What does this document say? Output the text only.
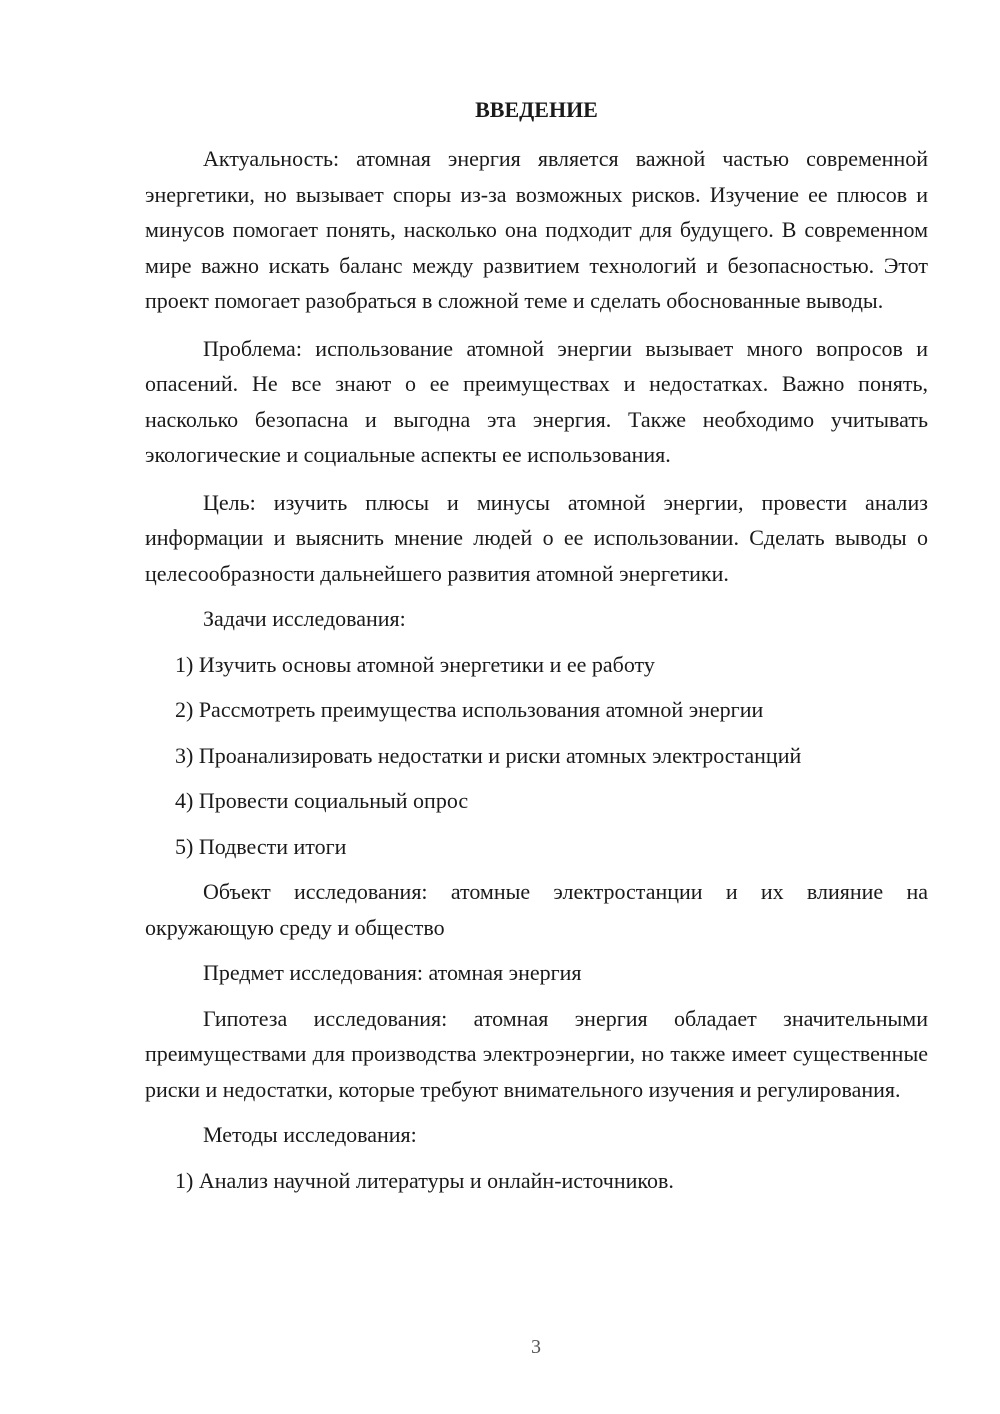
ВВЕДЕНИЕ

Актуальность: атомная энергия является важной частью современной энергетики, но вызывает споры из-за возможных рисков. Изучение ее плюсов и минусов помогает понять, насколько она подходит для будущего. В современном мире важно искать баланс между развитием технологий и безопасностью. Этот проект помогает разобраться в сложной теме и сделать обоснованные выводы.

Проблема: использование атомной энергии вызывает много вопросов и опасений. Не все знают о ее преимуществах и недостатках. Важно понять, насколько безопасна и выгодна эта энергия. Также необходимо учитывать экологические и социальные аспекты ее использования.

Цель: изучить плюсы и минусы атомной энергии, провести анализ информации и выяснить мнение людей о ее использовании. Сделать выводы о целесообразности дальнейшего развития атомной энергетики.

Задачи исследования:

1) Изучить основы атомной энергетики и ее работу

2) Рассмотреть преимущества использования атомной энергии

3) Проанализировать недостатки и риски атомных электростанций

4) Провести социальный опрос

5) Подвести итоги

Объект исследования: атомные электростанции и их влияние на окружающую среду и общество

Предмет исследования: атомная энергия

Гипотеза исследования: атомная энергия обладает значительными преимуществами для производства электроэнергии, но также имеет существенные риски и недостатки, которые требуют внимательного изучения и регулирования.

Методы исследования:

1) Анализ научной литературы и онлайн-источников.

3
